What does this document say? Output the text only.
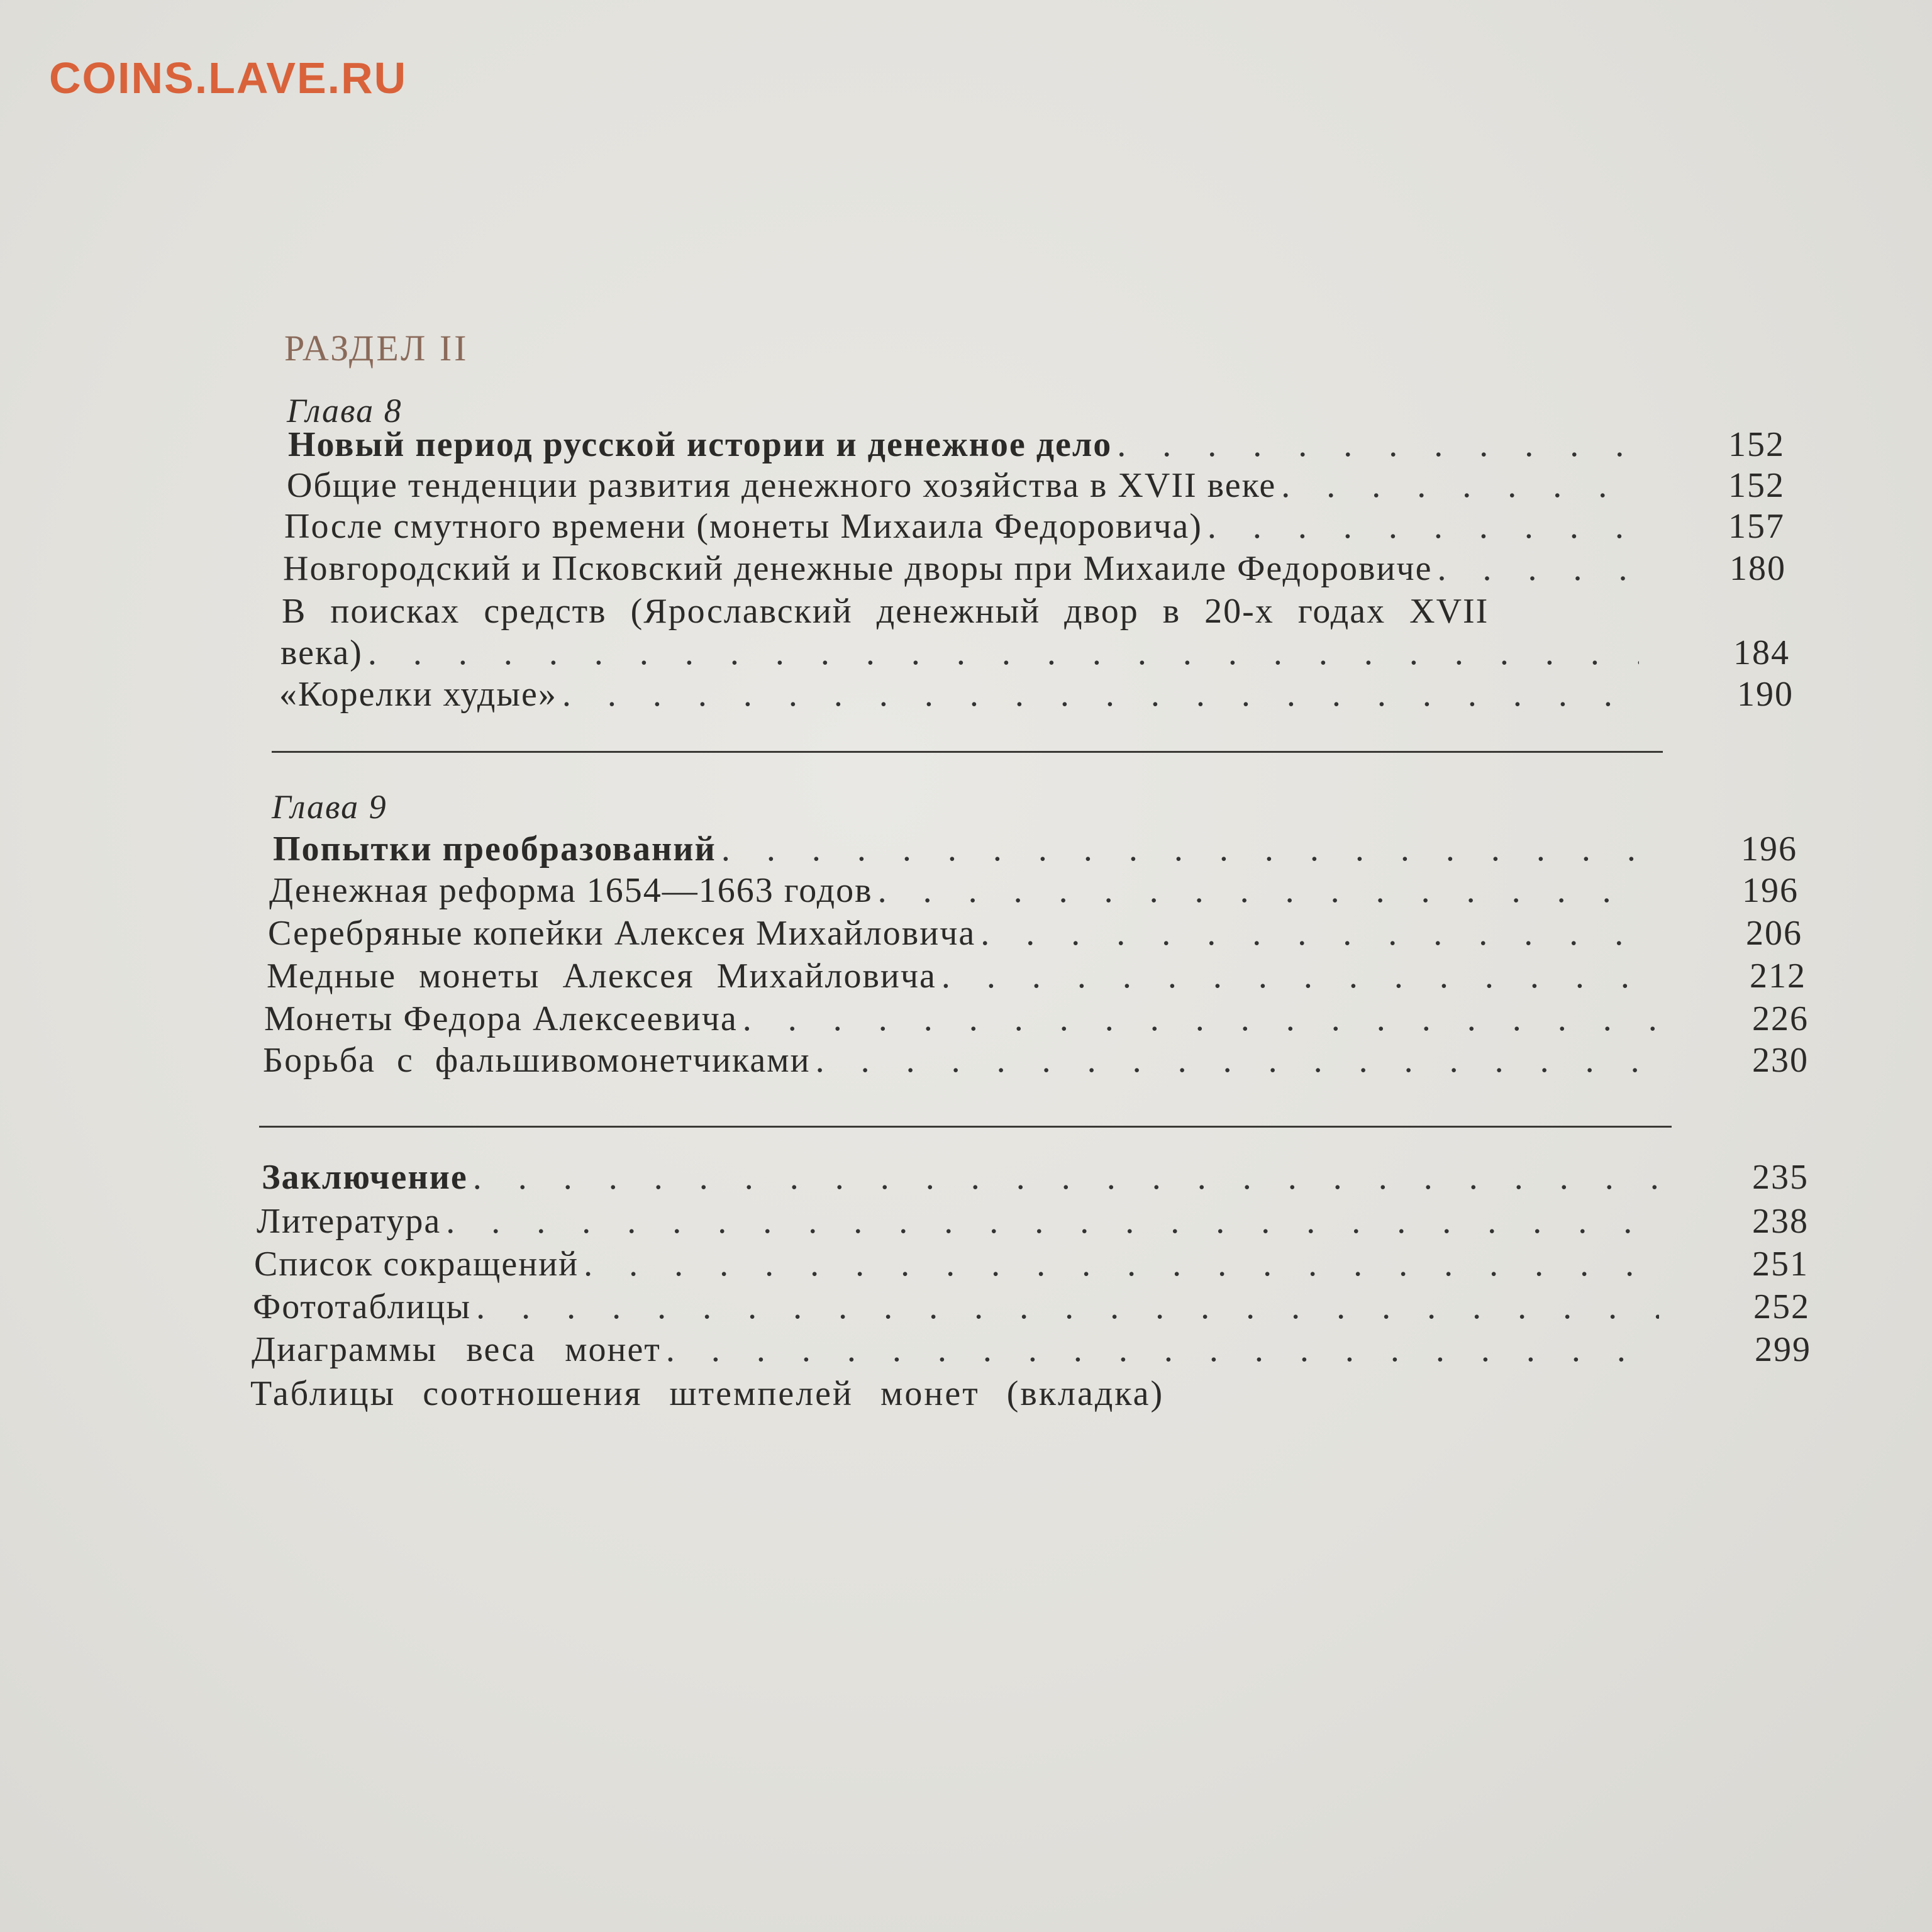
COINS.LAVE.RU
РАЗДЕЛ II
Глава 8
Новый период русской истории и денежное дело . . .	152
Общие тенденции развития денежного хозяйства в XVII веке . . .	152
После смутного времени (монеты Михаила Федоровича) . . .	157
Новгородский и Псковский денежные дворы при Михаиле Федоровиче . . .	180
В поисках средств (Ярославский денежный двор в 20-х годах XVII
века) . . .	184
«Корелки худые» . . .	190
Глава 9
Попытки преобразований . . .	196
Денежная реформа 1654—1663 годов . . .	196
Серебряные копейки Алексея Михайловича . . .	206
Медные монеты Алексея Михайловича . . .	212
Монеты Федора Алексеевича . . .	226
Борьба с фальшивомонетчиками . . .	230
Заключение . . .	235
Литература . . .	238
Список сокращений . . .	251
Фототаблицы . . .	252
Диаграммы веса монет . . .	299
Таблицы соотношения штемпелей монет (вкладка)
